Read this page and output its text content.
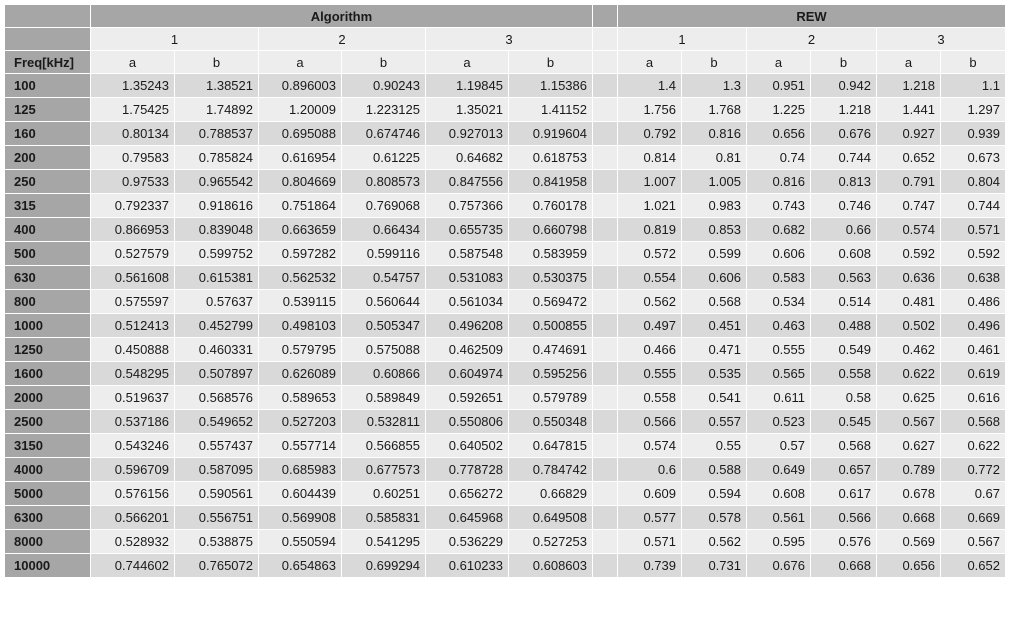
	Algorithm							REW					
	1		2		3			1		2		3	
Freq[kHz]	a	b	a	b	a	b		a	b	a	b	a	b
100	1.35243	1.38521	0.896003	0.90243	1.19845	1.15386		1.4	1.3	0.951	0.942	1.218	1.1
125	1.75425	1.74892	1.20009	1.223125	1.35021	1.41152		1.756	1.768	1.225	1.218	1.441	1.297
160	0.80134	0.788537	0.695088	0.674746	0.927013	0.919604		0.792	0.816	0.656	0.676	0.927	0.939
200	0.79583	0.785824	0.616954	0.61225	0.64682	0.618753		0.814	0.81	0.74	0.744	0.652	0.673
250	0.97533	0.965542	0.804669	0.808573	0.847556	0.841958		1.007	1.005	0.816	0.813	0.791	0.804
315	0.792337	0.918616	0.751864	0.769068	0.757366	0.760178		1.021	0.983	0.743	0.746	0.747	0.744
400	0.866953	0.839048	0.663659	0.66434	0.655735	0.660798		0.819	0.853	0.682	0.66	0.574	0.571
500	0.527579	0.599752	0.597282	0.599116	0.587548	0.583959		0.572	0.599	0.606	0.608	0.592	0.592
630	0.561608	0.615381	0.562532	0.54757	0.531083	0.530375		0.554	0.606	0.583	0.563	0.636	0.638
800	0.575597	0.57637	0.539115	0.560644	0.561034	0.569472		0.562	0.568	0.534	0.514	0.481	0.486
1000	0.512413	0.452799	0.498103	0.505347	0.496208	0.500855		0.497	0.451	0.463	0.488	0.502	0.496
1250	0.450888	0.460331	0.579795	0.575088	0.462509	0.474691		0.466	0.471	0.555	0.549	0.462	0.461
1600	0.548295	0.507897	0.626089	0.60866	0.604974	0.595256		0.555	0.535	0.565	0.558	0.622	0.619
2000	0.519637	0.568576	0.589653	0.589849	0.592651	0.579789		0.558	0.541	0.611	0.58	0.625	0.616
2500	0.537186	0.549652	0.527203	0.532811	0.550806	0.550348		0.566	0.557	0.523	0.545	0.567	0.568
3150	0.543246	0.557437	0.557714	0.566855	0.640502	0.647815		0.574	0.55	0.57	0.568	0.627	0.622
4000	0.596709	0.587095	0.685983	0.677573	0.778728	0.784742		0.6	0.588	0.649	0.657	0.789	0.772
5000	0.576156	0.590561	0.604439	0.60251	0.656272	0.66829		0.609	0.594	0.608	0.617	0.678	0.67
6300	0.566201	0.556751	0.569908	0.585831	0.645968	0.649508		0.577	0.578	0.561	0.566	0.668	0.669
8000	0.528932	0.538875	0.550594	0.541295	0.536229	0.527253		0.571	0.562	0.595	0.576	0.569	0.567
10000	0.744602	0.765072	0.654863	0.699294	0.610233	0.608603		0.739	0.731	0.676	0.668	0.656	0.652
